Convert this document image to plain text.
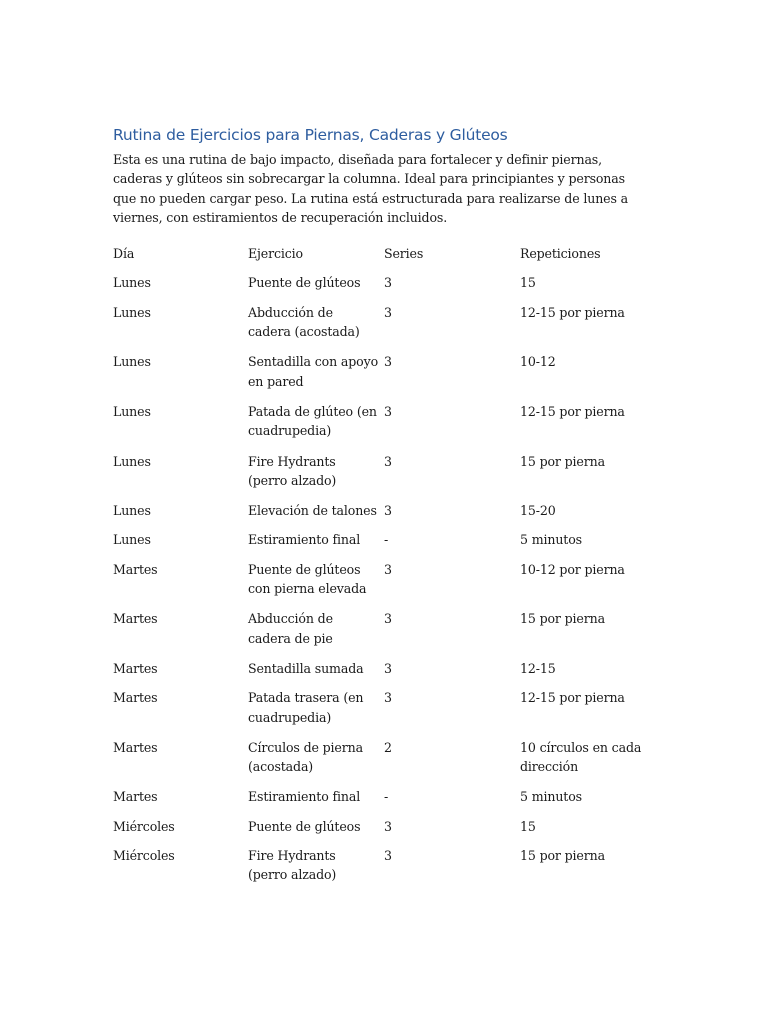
Rutina de Ejercicios para Piernas, Caderas y Glúteos

Esta es una rutina de bajo impacto, diseñada para fortalecer y definir piernas, caderas y glúteos sin sobrecargar la columna. Ideal para principiantes y personas que no pueden cargar peso. La rutina está estructurada para realizarse de lunes a viernes, con estiramientos de recuperación incluidos.

Día	Ejercicio	Series	Repeticiones
Lunes	Puente de glúteos	3	15
Lunes	Abducción de cadera (acostada)	3	12-15 por pierna
Lunes	Sentadilla con apoyo en pared	3	10-12
Lunes	Patada de glúteo (en cuadrupedia)	3	12-15 por pierna
Lunes	Fire Hydrants (perro alzado)	3	15 por pierna
Lunes	Elevación de talones	3	15-20
Lunes	Estiramiento final	-	5 minutos
Martes	Puente de glúteos con pierna elevada	3	10-12 por pierna
Martes	Abducción de cadera de pie	3	15 por pierna
Martes	Sentadilla sumada	3	12-15
Martes	Patada trasera (en cuadrupedia)	3	12-15 por pierna
Martes	Círculos de pierna (acostada)	2	10 círculos en cada dirección
Martes	Estiramiento final	-	5 minutos
Miércoles	Puente de glúteos	3	15
Miércoles	Fire Hydrants (perro alzado)	3	15 por pierna
